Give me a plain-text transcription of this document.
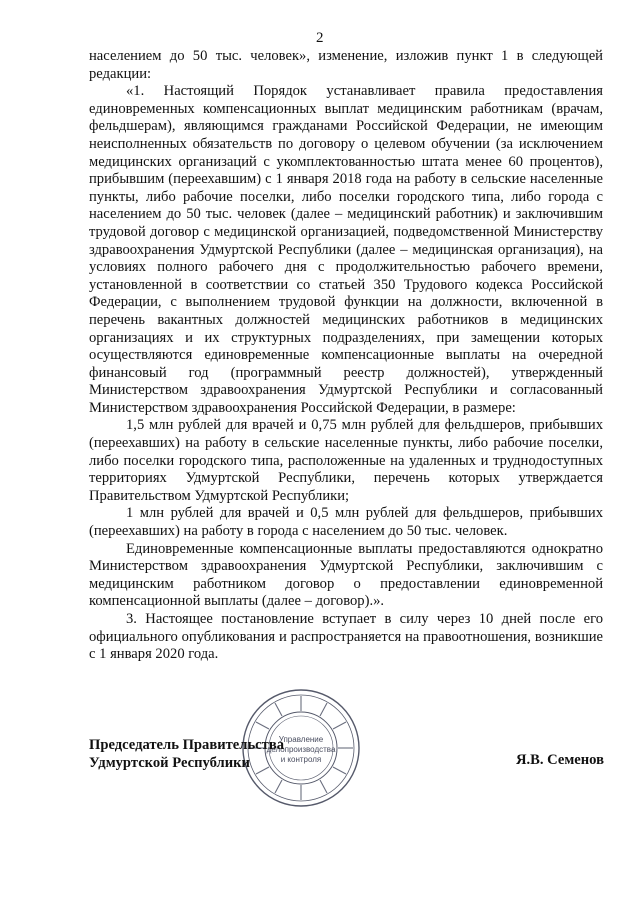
2

населением до 50 тыс. человек», изменение, изложив пункт 1 в следующей редакции:

«1. Настоящий Порядок устанавливает правила предоставления единовременных компенсационных выплат медицинским работникам (врачам, фельдшерам), являющимся гражданами Российской Федерации, не имеющим неисполненных обязательств по договору о целевом обучении (за исключением медицинских организаций с укомплектованностью штата менее 60 процентов), прибывшим (переехавшим) с 1 января 2018 года на работу в сельские населенные пункты, либо рабочие поселки, либо поселки городского типа, либо города с населением до 50 тыс. человек (далее – медицинский работник) и заключившим трудовой договор с медицинской организацией, подведомственной Министерству здравоохранения Удмуртской Республики (далее – медицинская организация), на условиях полного рабочего дня с продолжительностью рабочего времени, установленной в соответствии со статьей 350 Трудового кодекса Российской Федерации, с выполнением трудовой функции на должности, включенной в перечень вакантных должностей медицинских работников в медицинских организациях и их структурных подразделениях, при замещении которых осуществляются единовременные компенсационные выплаты на очередной финансовый год (программный реестр должностей), утвержденный Министерством здравоохранения Удмуртской Республики и согласованный Министерством здравоохранения Российской Федерации, в размере:

1,5 млн рублей для врачей и 0,75 млн рублей для фельдшеров, прибывших (переехавших) на работу в сельские населенные пункты, либо рабочие поселки, либо поселки городского типа, расположенные на удаленных и труднодоступных территориях Удмуртской Республики, перечень которых утверждается Правительством Удмуртской Республики;

1 млн рублей для врачей и 0,5 млн рублей для фельдшеров, прибывших (переехавших) на работу в города с населением до 50 тыс. человек.

Единовременные компенсационные выплаты предоставляются однократно Министерством здравоохранения Удмуртской Республики, заключившим с медицинским работником договор о предоставлении единовременной компенсационной выплаты (далее – договор).».

3. Настоящее постановление вступает в силу через 10 дней после его официального опубликования и распространяется на правоотношения, возникшие с 1 января 2020 года.

Управление
делопроизводства
и контроля
Председатель Правительства
Удмуртской Республики	Я.В. Семенов
